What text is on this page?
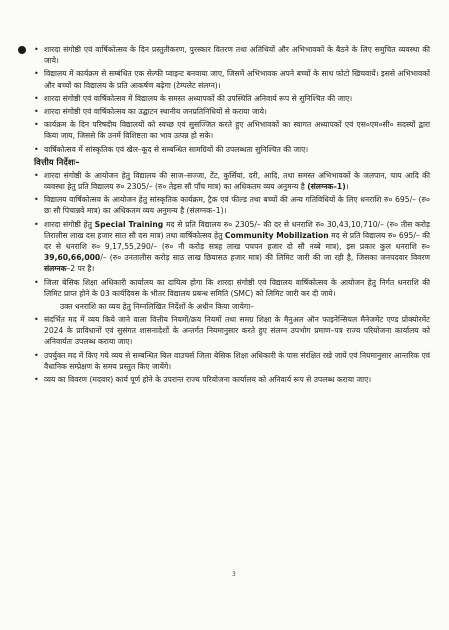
• शारदा संगोष्ठी एवं वार्षिकोत्सव के दिन प्रस्तुतीकरण, पुरस्कार वितरण तथा अतिथियों और अभिभावकों के बैठने के लिए समुचित व्यवस्था की जाये।
• विद्यालय में कार्यक्रम से सम्बंधित एक सेल्फी प्वाइन्ट बनवाया जाए, जिसमें अभिभावक अपने बच्चों के साथ फोटो खिचवायें। इससे अभिभावकों और बच्चों का विद्यालय के प्रति आकर्षण बढ़ेगा (टेम्पलेट संलग्न)।
• शारदा संगोष्ठी एवं वार्षिकोत्सव में विद्यालय के समस्त अध्यापकों की उपस्थिति अनिवार्य रूप से सुनिश्चित की जाए।
• शारदा संगोष्ठी एवं वार्षिकोत्सव का उद्घाटन स्थानीय जनप्रतिनिधियों से कराया जाये।
• कार्यक्रम के दिन परिषदीय विद्यालयों को स्वच्छ एवं सुसज्जित करते हुए अभिभावकों का स्वागत अध्यापकों एवं एस०एम०सी० सदस्यों द्वारा किया जाय, जिससे कि उनमें विशिष्टता का भाव उत्पन्न हो सके।
• वार्षिकोत्सव में सांस्कृतिक एवं खेल–कूद से सम्बन्धित सामग्रियों की उपलब्धता सुनिश्चित की जाए।
वित्तीय निर्देशः–
• शारदा संगोष्ठी के आयोजन हेतु विद्यालय की साज–सज्जा, टेंट, कुर्सियां, दरी, आदि, तथा समस्त अभिभावकों के जलपान, चाय आदि की व्यवस्था हेतु प्रति विद्यालय रु० 2305/– (रु० तेइस सौ पाँच मात्र) का अधिकतम व्यय अनुमन्य है (संलग्नक–1)।
• विद्यालय वार्षिकोत्सव के आयोजन हेतु सांस्कृतिक कार्यक्रम, ट्रैक एवं फील्ड तथा बच्चों की अन्य गतिविधियों के लिए धनराशि रु० 695/– (रु० छः सौ पिचान्नवे मात्र) का अधिकतम व्यय अनुमन्य है (संलग्नक–1)।
• शारदा संगोष्ठी हेतु Special Training मद से प्रति विद्यालय रु० 2305/– की दर से धनराशि रु० 30,43,10,710/– (रु० तीस करोड़ तिरालीस लाख दस हजार सात सौ दस मात्र) तथा वार्षिकोत्सव हेतु Community Mobilization मद से प्रति विद्यालय रु० 695/– की दर से धनराशि रु० 9,17,55,290/– (रु० नौ करोड़ सत्रह लाख पचपन हजार दो सौ नब्बे मात्र), इस प्रकार कुल धनराशि रु० 39,60,66,000/– (रु० उनतालीस करोड़ साठ लाख छियासठ हजार मात्र) की लिमिट जारी की जा रही है, जिसका जनपदवार विवरण संलग्नक–2 पर है।
• जिला बेसिक शिक्षा अधिकारी कार्यालय का दायित्व होगा कि शारदा संगोष्ठी एवं विद्यालय वार्षिकोत्सव के आयोजन हेतु निर्गत धनराशि की लिमिट प्राप्त होने के 03 कार्यदिवस के भीतर विद्यालय प्रबन्ध समिति (SMC) को लिमिट जारी कर दी जाये।
उक्त धनराशि का व्यय हेतु निम्नलिखित निर्देशों के अधीन किया जायेगा–
• संदर्भित मद में व्यय किये जाने वाला वित्तीय नियमों/क्रय नियमों तथा समग्र शिक्षा के मैनुअल ऑन फाइनेन्सियल मैनेजमेंट एण्ड प्रोक्योरमेंट 2024 के प्राविधानों एवं सुसंगत शासनादेशों के अन्तर्गत नियमानुसार करते हुए संलग्न उपभोग प्रमाण–पत्र राज्य परियोजना कार्यालय को अनिवार्यतः उपलब्ध कराया जाए।
• उपर्युक्त मद में किए गये व्यय से सम्बन्धित बिल वाउचर्स जिला बेसिक शिक्षा अधिकारी के पास संरक्षित रखे जायें एवं नियमानुसार आन्तरिक एवं वैधानिक सम्प्रेक्षण के समय प्रस्तुत किए जायेंगे।
• व्यय का विवरण (मदवार) कार्य पूर्ण होने के उपरान्त राज्य परियोजना कार्यालय को अनिवार्य रूप से उपलब्ध कराया जाए।
3
